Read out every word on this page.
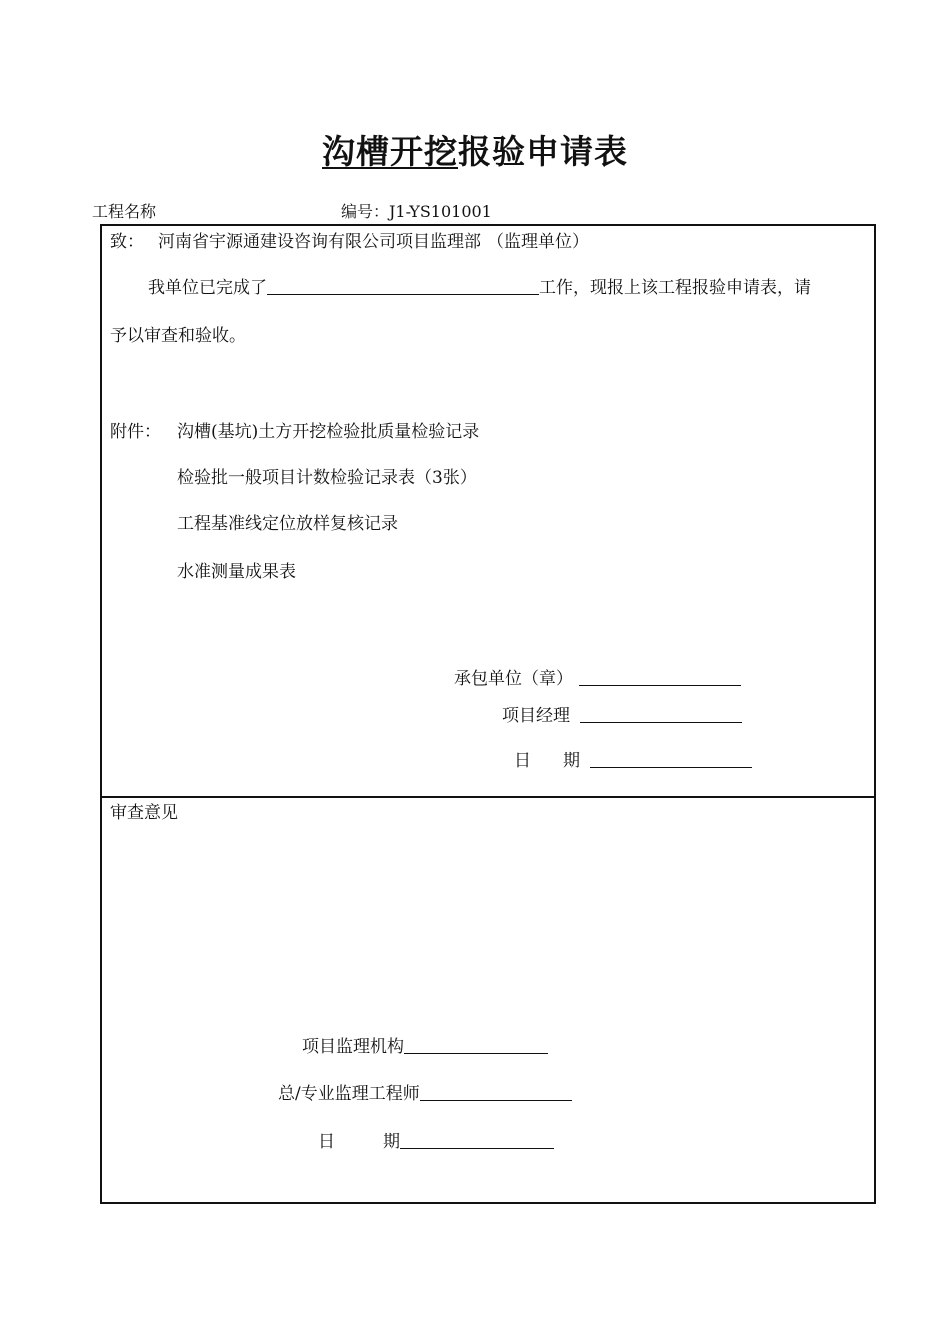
沟槽开挖报验申请表
工程名称	编号：J1-YS101001
致： 河南省宇源通建设咨询有限公司项目监理部 （监理单位）
我单位已完成了	工作，现报上该工程报验申请表，请
予以审查和验收。
附件： 沟槽(基坑)土方开挖检验批质量检验记录
检验批一般项目计数检验记录表（3张）
工程基准线定位放样复核记录
水准测量成果表
承包单位（章）
项目经理
日 期
审查意见
项目监理机构
总/专业监理工程师
日	期
